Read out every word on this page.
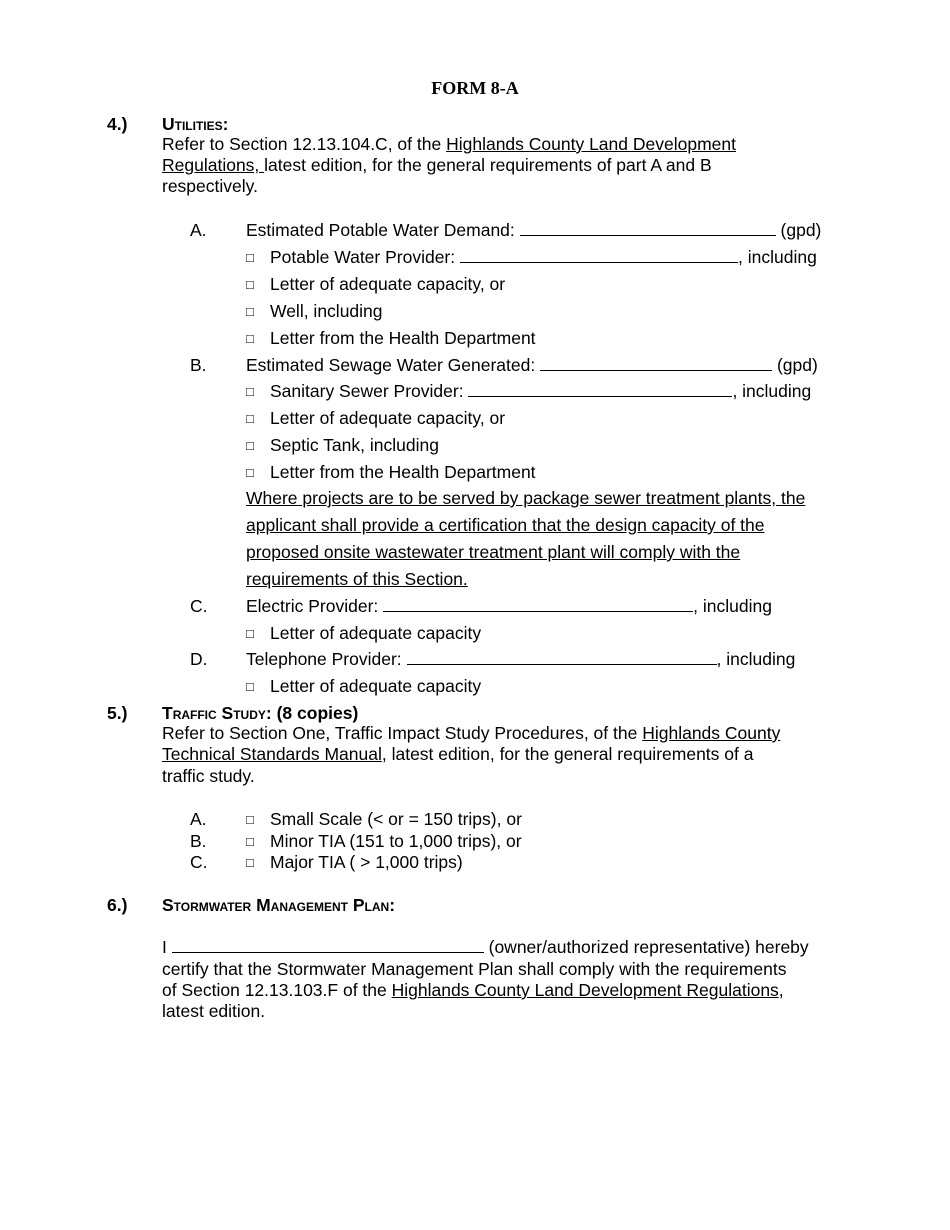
FORM 8-A
4.) Utilities:
Refer to Section 12.13.104.C, of the Highlands County Land Development
Regulations, latest edition, for the general requirements of part A and B
respectively.
A. Estimated Potable Water Demand:	(gpd)
□ Potable Water Provider:	, including
□ Letter of adequate capacity, or
□ Well, including
□ Letter from the Health Department
B. Estimated Sewage Water Generated:	(gpd)
□ Sanitary Sewer Provider:	, including
□ Letter of adequate capacity, or
□ Septic Tank, including
□ Letter from the Health Department
Where projects are to be served by package sewer treatment plants, the
applicant shall provide a certification that the design capacity of the
proposed onsite wastewater treatment plant will comply with the
requirements of this Section.
C. Electric Provider:	, including
□ Letter of adequate capacity
D. Telephone Provider:	, including
□ Letter of adequate capacity
5.) Traffic Study: (8 copies)
Refer to Section One, Traffic Impact Study Procedures, of the Highlands County
Technical Standards Manual, latest edition, for the general requirements of a
traffic study.
A.	□ Small Scale (< or = 150 trips), or
B.	□ Minor TIA (151 to 1,000 trips), or
C.	□ Major TIA ( > 1,000 trips)
6.) Stormwater Management Plan:
I	(owner/authorized representative) hereby
certify that the Stormwater Management Plan shall comply with the requirements
of Section 12.13.103.F of the Highlands County Land Development Regulations,
latest edition.
